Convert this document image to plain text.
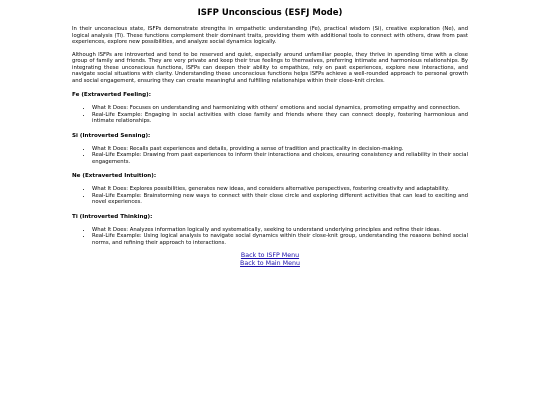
ISFP Unconscious (ESFJ Mode)

In their unconscious state, ISFPs demonstrate strengths in empathetic understanding (Fe), practical wisdom (Si), creative exploration (Ne), and logical analysis (Ti). These functions complement their dominant traits, providing them with additional tools to connect with others, draw from past experiences, explore new possibilities, and analyze social dynamics logically.

Although ISFPs are introverted and tend to be reserved and quiet, especially around unfamiliar people, they thrive in spending time with a close group of family and friends. They are very private and keep their true feelings to themselves, preferring intimate and harmonious relationships. By integrating these unconscious functions, ISFPs can deepen their ability to empathize, rely on past experiences, explore new interactions, and navigate social situations with clarity. Understanding these unconscious functions helps ISFPs achieve a well-rounded approach to personal growth and social engagement, ensuring they can create meaningful and fulfilling relationships within their close-knit circles.

Fe (Extraverted Feeling):
• What It Does: Focuses on understanding and harmonizing with others' emotions and social dynamics, promoting empathy and connection.
• Real-Life Example: Engaging in social activities with close family and friends where they can connect deeply, fostering harmonious and intimate relationships.
Si (Introverted Sensing):
• What It Does: Recalls past experiences and details, providing a sense of tradition and practicality in decision-making.
• Real-Life Example: Drawing from past experiences to inform their interactions and choices, ensuring consistency and reliability in their social engagements.
Ne (Extraverted Intuition):
• What It Does: Explores possibilities, generates new ideas, and considers alternative perspectives, fostering creativity and adaptability.
• Real-Life Example: Brainstorming new ways to connect with their close circle and exploring different activities that can lead to exciting and novel experiences.
Ti (Introverted Thinking):
• What It Does: Analyzes information logically and systematically, seeking to understand underlying principles and refine their ideas.
• Real-Life Example: Using logical analysis to navigate social dynamics within their close-knit group, understanding the reasons behind social norms, and refining their approach to interactions.
Back to ISFP Menu
Back to Main Menu
